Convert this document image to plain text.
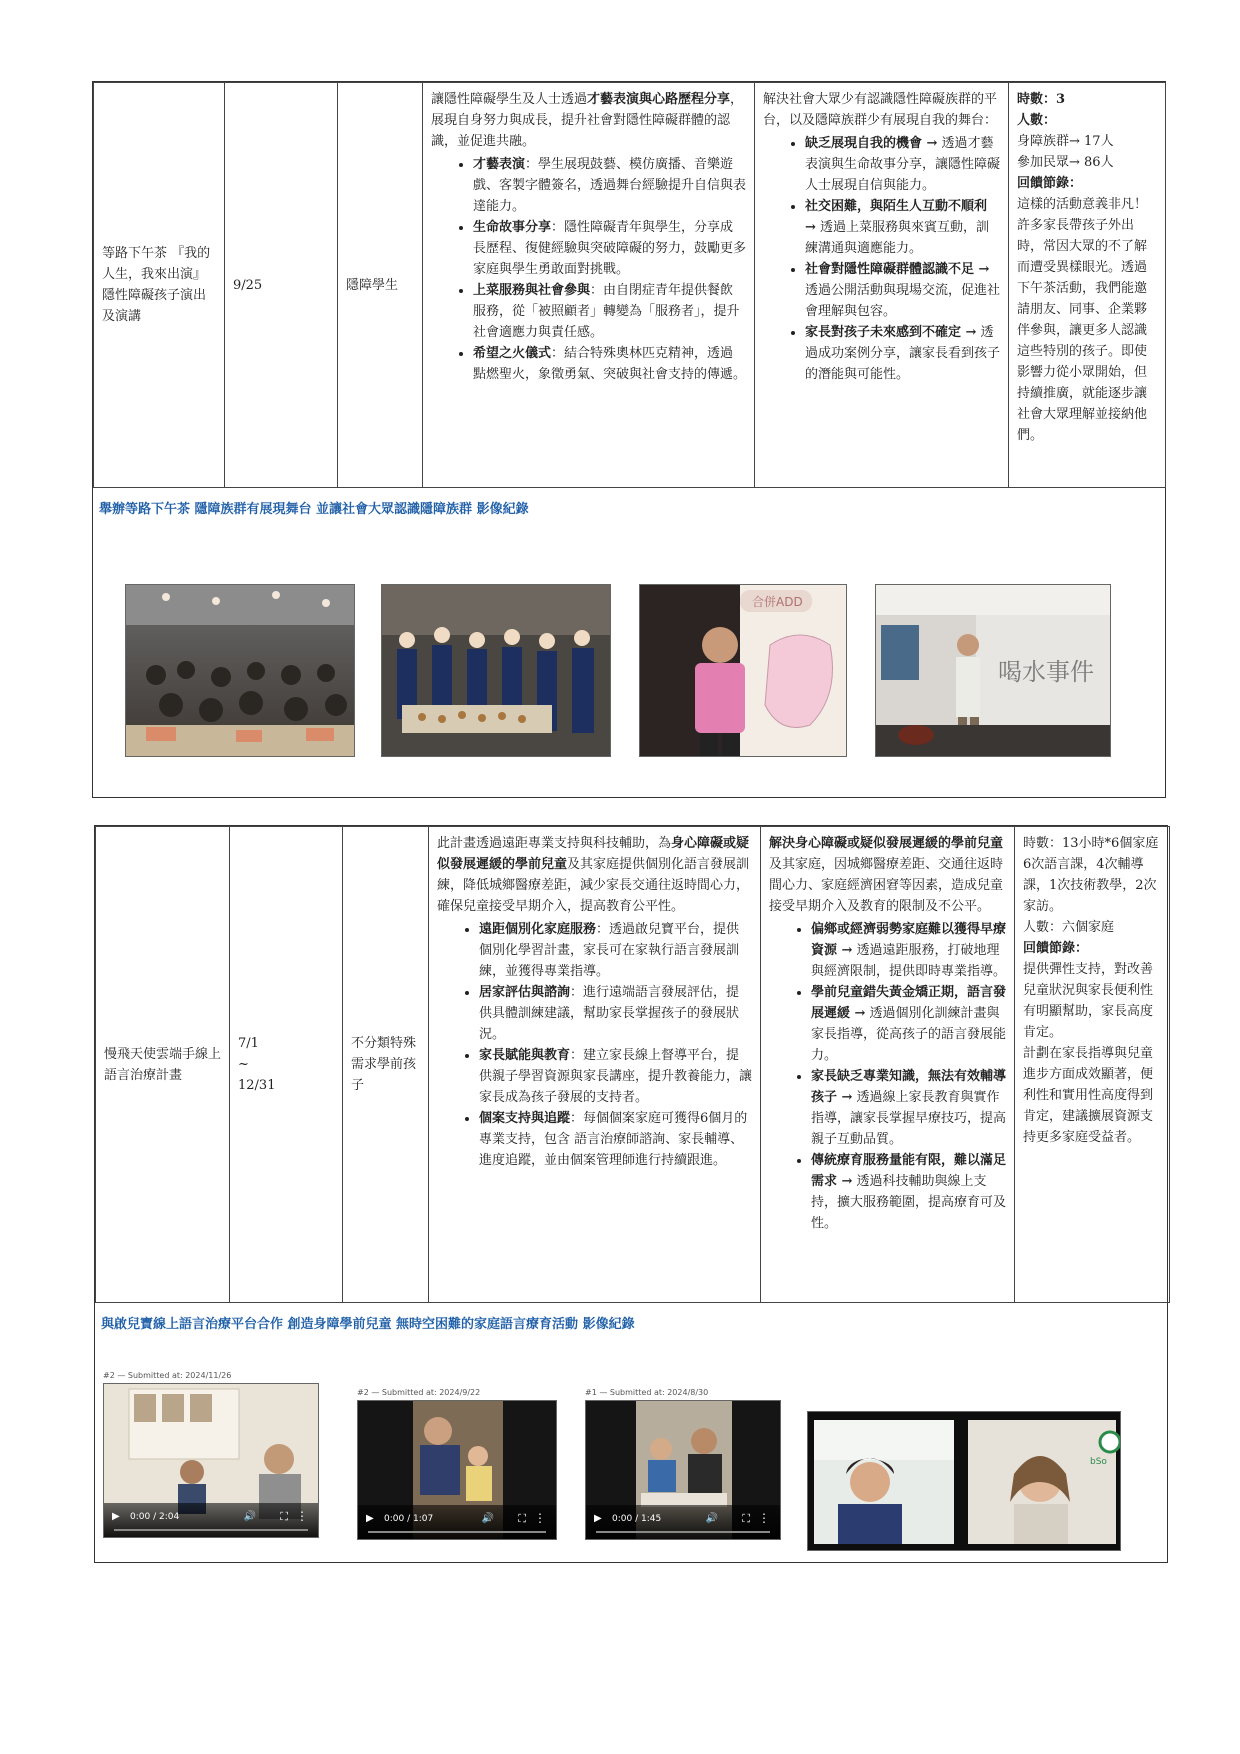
等路下午茶 『我的人生，我來出演』
隱性障礙孩子演出及演講

9/25	隱障學生

讓隱性障礙學生及人士透過才藝表演與心路歷程分享，展現自身努力與成長，提升社會對隱性障礙群體的認識，並促進共融。
• 才藝表演：學生展現鼓藝、模仿廣播、音樂遊戲、客製字體簽名，透過舞台經驗提升自信與表達能力。
• 生命故事分享：隱性障礙青年與學生，分享成長歷程、復健經驗與突破障礙的努力，鼓勵更多家庭與學生勇敢面對挑戰。
• 上菜服務與社會參與：由自閉症青年提供餐飲服務，從「被照顧者」轉變為「服務者」，提升社會適應力與責任感。
• 希望之火儀式：結合特殊奧林匹克精神，透過點燃聖火，象徵勇氣、突破與社會支持的傳遞。

解決社會大眾少有認識隱性障礙族群的平台，以及隱障族群少有展現自我的舞台：
• 缺乏展現自我的機會 → 透過才藝表演與生命故事分享，讓隱性障礙人士展現自信與能力。
• 社交困難，與陌生人互動不順利 → 透過上菜服務與來賓互動，訓練溝通與適應能力。
• 社會對隱性障礙群體認識不足 → 透過公開活動與現場交流，促進社會理解與包容。
• 家長對孩子未來感到不確定 → 透過成功案例分享，讓家長看到孩子的潛能與可能性。

時數：3

人數：

身障族群→ 17人

參加民眾→ 86人

回饋節錄：

這樣的活動意義非凡！許多家長帶孩子外出時，常因大眾的不了解而遭受異樣眼光。透過下午茶活動，我們能邀請朋友、同事、企業夥伴參與，讓更多人認識這些特別的孩子。即使影響力從小眾開始，但持續推廣，就能逐步讓社會大眾理解並接納他們。

舉辦等路下午茶 隱障族群有展現舞台 並讓社會大眾認識隱障族群 影像紀錄
合併ADD
喝水事件
慢飛天使雲端手線上語言治療計畫

7/1
~
12/31

不分類特殊需求學前孩子

此計畫透過遠距專業支持與科技輔助，為身心障礙或疑似發展遲緩的學前兒童及其家庭提供個別化語言發展訓練，降低城鄉醫療差距，減少家長交通往返時間心力，確保兒童接受早期介入，提高教育公平性。
• 遠距個別化家庭服務：透過啟兒寶平台，提供個別化學習計畫，家長可在家執行語言發展訓練，並獲得專業指導。
• 居家評估與諮詢：進行遠端語言發展評估，提供具體訓練建議，幫助家長掌握孩子的發展狀況。
• 家長賦能與教育：建立家長線上督導平台，提供親子學習資源與家長講座，提升教養能力，讓家長成為孩子發展的支持者。
• 個案支持與追蹤：每個個案家庭可獲得6個月的專業支持，包含 語言治療師諮詢、家長輔導、進度追蹤，並由個案管理師進行持續跟進。

解決身心障礙或疑似發展遲緩的學前兒童及其家庭，因城鄉醫療差距、交通往返時間心力、家庭經濟困窘等因素，造成兒童接受早期介入及教育的限制及不公平。
• 偏鄉或經濟弱勢家庭難以獲得早療資源 → 透過遠距服務，打破地理與經濟限制，提供即時專業指導。
• 學前兒童錯失黃金矯正期，語言發展遲緩 → 透過個別化訓練計畫與家長指導，從高孩子的語言發展能力。
• 家長缺乏專業知識，無法有效輔導孩子 → 透過線上家長教育與實作指導，讓家長掌握早療技巧，提高親子互動品質。
• 傳統療育服務量能有限，難以滿足需求 → 透過科技輔助與線上支持，擴大服務範圍，提高療育可及性。

時數：13小時*6個家庭

6次語言課，4次輔導課，1次技術教學，2次家訪。

人數：六個家庭

回饋節錄：

提供彈性支持，對改善兒童狀況與家長便利性有明顯幫助，家長高度肯定。

計劃在家長指導與兒童進步方面成效顯著，便利性和實用性高度得到肯定，建議擴展資源支持更多家庭受益者。

與啟兒寶線上語言治療平台合作 創造身障學前兒童 無時空困難的家庭語言療育活動 影像紀錄
#2 — Submitted at: 2024/11/26
▶ 0:00 / 2:04	🔊 ⛶ ⋮
#2 — Submitted at: 2024/9/22
▶ 0:00 / 1:07	🔊 ⛶ ⋮
#1 — Submitted at: 2024/8/30
▶ 0:00 / 1:45	🔊 ⛶ ⋮
bSo
